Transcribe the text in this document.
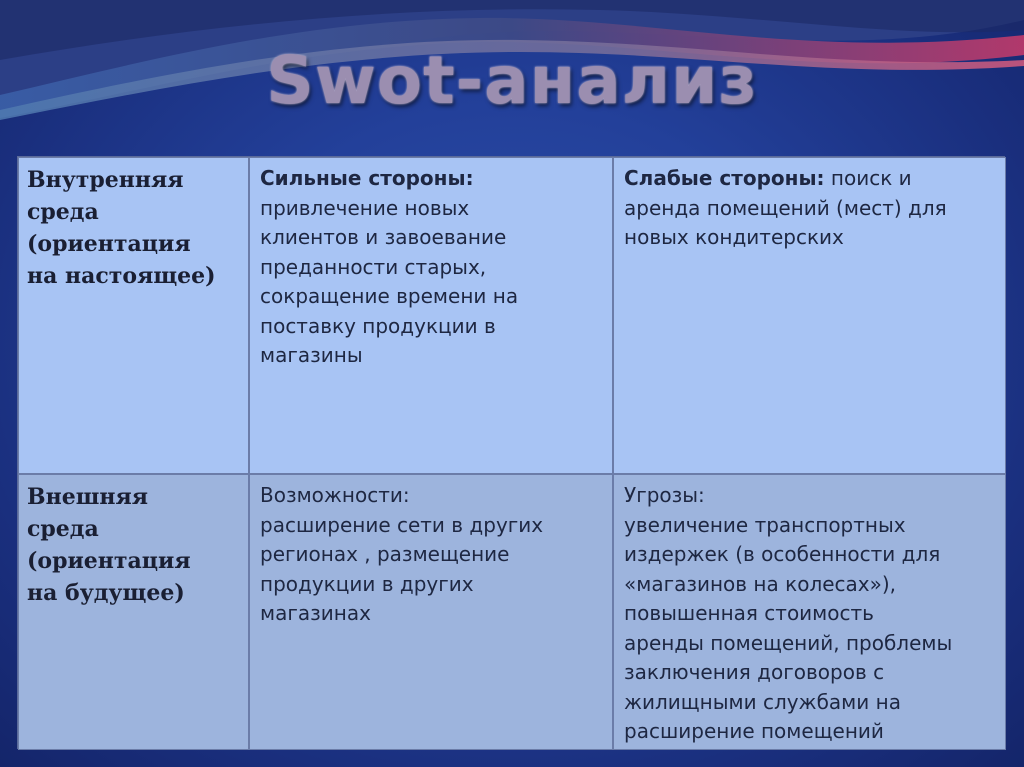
Swot-анализ
Внутренняя
среда
(ориентация
на настоящее)
Сильные стороны:
привлечение новых
клиентов и завоевание
преданности старых,
сокращение времени на
поставку продукции в
магазины
Слабые стороны: поиск и
аренда помещений (мест) для
новых кондитерских
Внешняя
среда
(ориентация
на будущее)
Возможности:
расширение сети в других
регионах , размещение
продукции в других
магазинах
Угрозы:
увеличение транспортных
издержек (в особенности для
«магазинов на колесах»),
повышенная стоимость
аренды помещений, проблемы
заключения договоров с
жилищными службами на
расширение помещений
